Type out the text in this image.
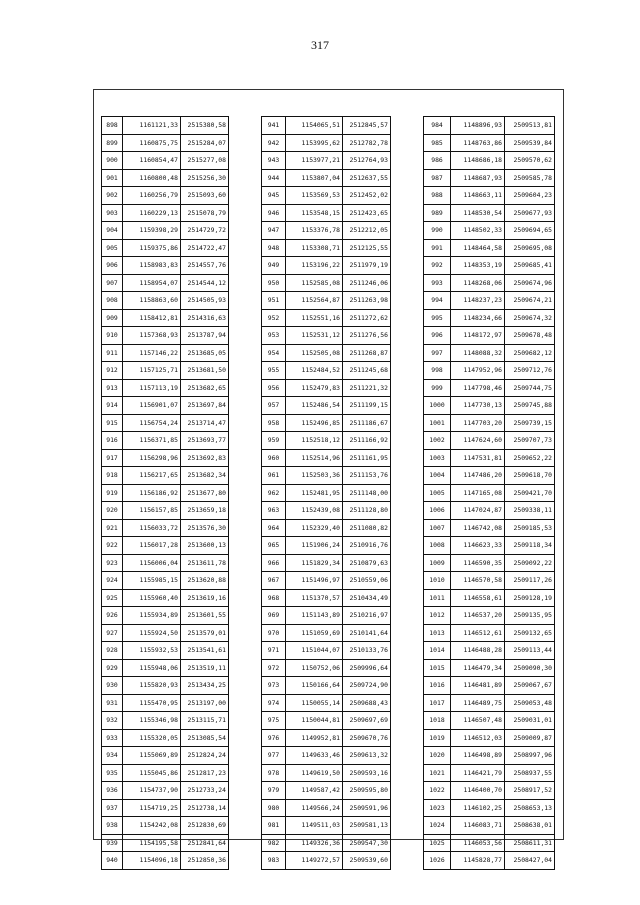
317
898	1161121,33	2515380,58
899	1160875,75	2515284,07
900	1160854,47	2515277,08
901	1160800,48	2515256,30
902	1160256,79	2515093,60
903	1160229,13	2515078,79
904	1159398,29	2514729,72
905	1159375,86	2514722,47
906	1158983,83	2514557,76
907	1158954,07	2514544,12
908	1158863,60	2514505,93
909	1158412,81	2514316,63
910	1157368,93	2513787,94
911	1157146,22	2513685,05
912	1157125,71	2513681,50
913	1157113,19	2513682,65
914	1156901,07	2513697,84
915	1156754,24	2513714,47
916	1156371,85	2513693,77
917	1156298,96	2513692,83
918	1156217,65	2513682,34
919	1156186,92	2513677,80
920	1156157,85	2513659,18
921	1156033,72	2513576,30
922	1156017,28	2513600,13
923	1156006,04	2513611,78
924	1155985,15	2513620,88
925	1155960,40	2513619,16
926	1155934,89	2513601,55
927	1155924,50	2513579,01
928	1155932,53	2513541,61
929	1155948,06	2513519,11
930	1155820,93	2513434,25
931	1155470,95	2513197,00
932	1155346,98	2513115,71
933	1155320,05	2513085,54
934	1155069,89	2512824,24
935	1155045,86	2512817,23
936	1154737,90	2512733,24
937	1154719,25	2512738,14
938	1154242,08	2512830,69
939	1154195,58	2512841,64
940	1154096,18	2512850,36
941	1154065,51	2512845,57
942	1153995,62	2512782,78
943	1153977,21	2512764,93
944	1153807,04	2512637,55
945	1153569,53	2512452,02
946	1153548,15	2512423,65
947	1153376,78	2512212,05
948	1153308,71	2512125,55
949	1153196,22	2511979,19
950	1152585,08	2511246,06
951	1152564,87	2511263,98
952	1152551,16	2511272,62
953	1152531,12	2511276,56
954	1152505,08	2511268,87
955	1152484,52	2511245,68
956	1152479,83	2511221,32
957	1152486,54	2511199,15
958	1152496,85	2511186,67
959	1152518,12	2511166,92
960	1152514,96	2511161,95
961	1152503,36	2511153,76
962	1152481,95	2511148,00
963	1152439,08	2511128,80
964	1152329,40	2511080,82
965	1151906,24	2510916,76
966	1151829,34	2510879,63
967	1151496,97	2510559,06
968	1151370,57	2510434,49
969	1151143,89	2510216,97
970	1151059,69	2510141,64
971	1151044,07	2510133,76
972	1150752,06	2509996,64
973	1150166,64	2509724,90
974	1150055,14	2509688,43
975	1150044,81	2509697,69
976	1149952,81	2509670,76
977	1149633,46	2509613,32
978	1149619,50	2509593,16
979	1149587,42	2509595,80
980	1149566,24	2509591,96
981	1149511,03	2509581,13
982	1149326,36	2509547,30
983	1149272,57	2509539,60
984	1148896,93	2509513,81
985	1148763,86	2509539,84
986	1148686,18	2509570,62
987	1148687,93	2509585,78
988	1148663,11	2509604,23
989	1148530,54	2509677,93
990	1148502,33	2509694,65
991	1148464,58	2509695,08
992	1148353,19	2509685,41
993	1148268,06	2509674,96
994	1148237,23	2509674,21
995	1148234,66	2509674,32
996	1148172,97	2509678,48
997	1148088,32	2509682,12
998	1147952,96	2509712,76
999	1147798,46	2509744,75
1000	1147730,13	2509745,88
1001	1147703,20	2509739,15
1002	1147624,60	2509707,73
1003	1147531,81	2509652,22
1004	1147486,20	2509618,70
1005	1147165,08	2509421,70
1006	1147024,87	2509338,11
1007	1146742,08	2509185,53
1008	1146623,33	2509118,34
1009	1146590,35	2509092,22
1010	1146570,58	2509117,26
1011	1146558,61	2509128,19
1012	1146537,20	2509135,95
1013	1146512,61	2509132,65
1014	1146488,28	2509113,44
1015	1146479,34	2509090,30
1016	1146481,89	2509067,67
1017	1146489,75	2509053,48
1018	1146507,48	2509031,01
1019	1146512,03	2509009,87
1020	1146498,89	2508997,96
1021	1146421,79	2508937,55
1022	1146400,70	2508917,52
1023	1146102,25	2508653,13
1024	1146083,71	2508638,01
1025	1146053,56	2508611,31
1026	1145828,77	2508427,04
